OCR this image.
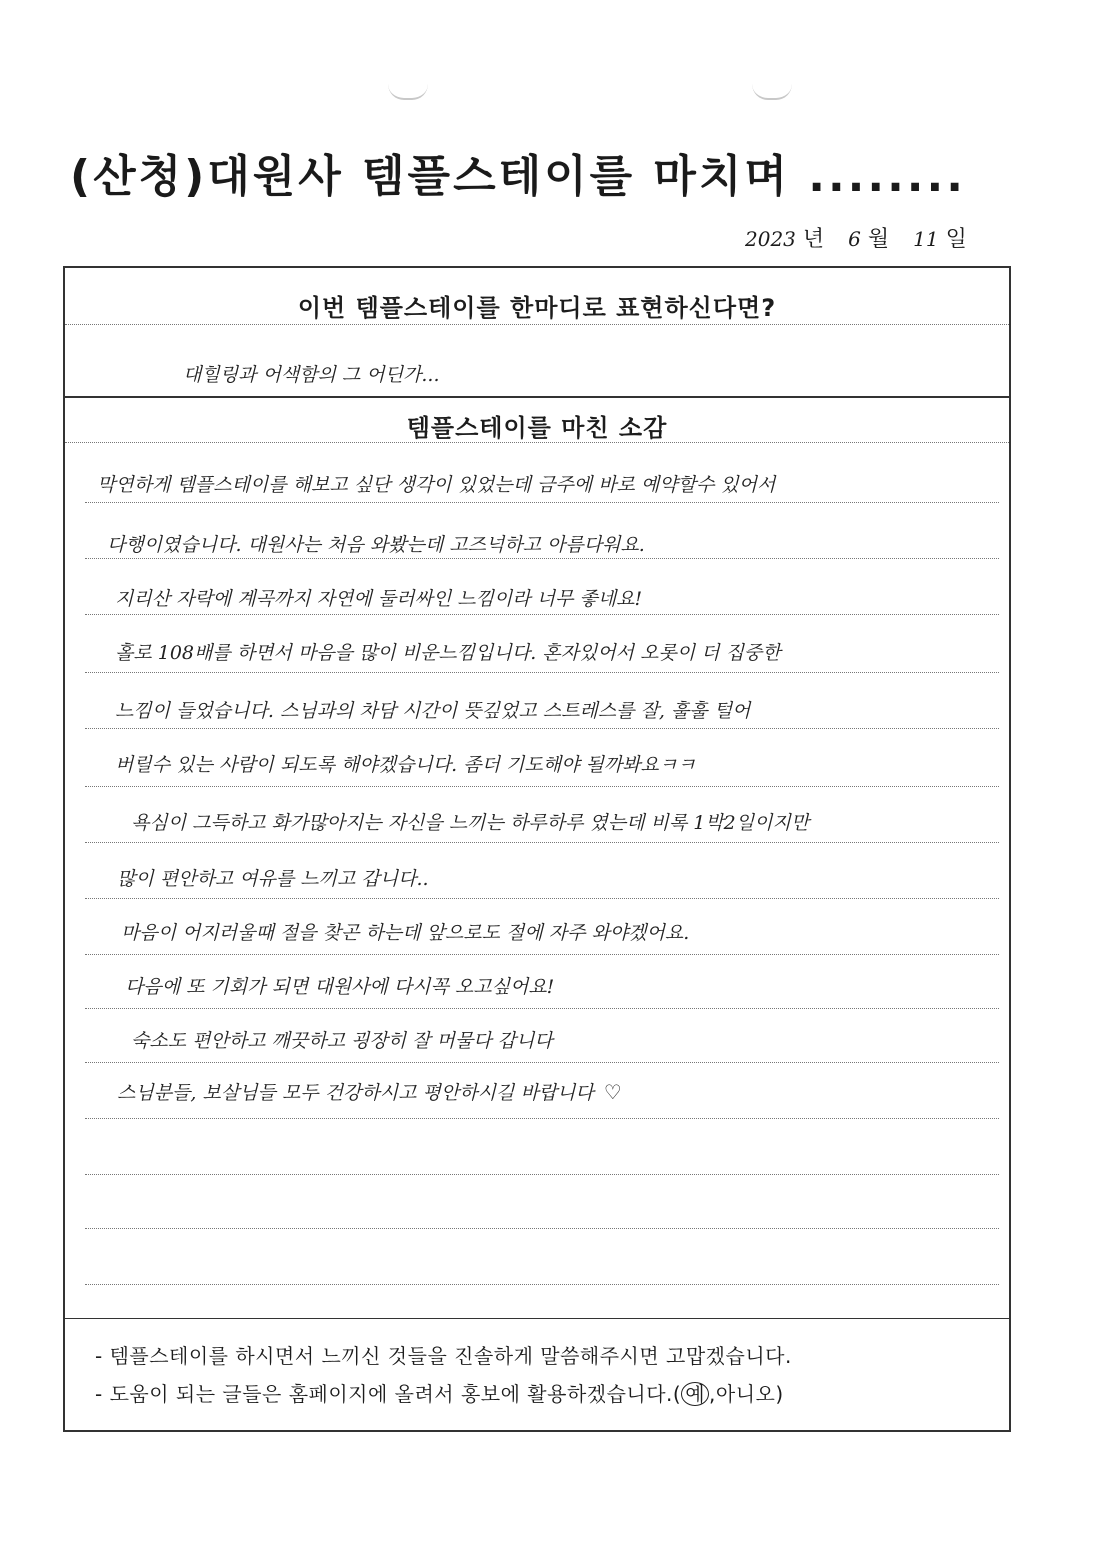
(산청)대원사 템플스테이를 마치며 ........
2023 년 6 월 11 일
이번 템플스테이를 한마디로 표현하신다면?
대힐링과 어색함의 그 어딘가...
템플스테이를 마친 소감
막연하게 템플스테이를 해보고 싶단 생각이 있었는데 금주에 바로 예약할수 있어서
다행이였습니다. 대원사는 처음 와봤는데 고즈넉하고 아름다워요.
지리산 자락에 계곡까지 자연에 둘러싸인 느낌이라 너무 좋네요!
홀로 108배를 하면서 마음을 많이 비운느낌입니다. 혼자있어서 오롯이 더 집중한
느낌이 들었습니다. 스님과의 차담 시간이 뜻깊었고 스트레스를 잘, 훌훌 털어
버릴수 있는 사람이 되도록 해야겠습니다. 좀더 기도해야 될까봐요ㅋㅋ
욕심이 그득하고 화가많아지는 자신을 느끼는 하루하루 였는데 비록 1박2일이지만
많이 편안하고 여유를 느끼고 갑니다..
마음이 어지러울때 절을 찾곤 하는데 앞으로도 절에 자주 와야겠어요.
다음에 또 기회가 되면 대원사에 다시꼭 오고싶어요!
숙소도 편안하고 깨끗하고 굉장히 잘 머물다 갑니다
스님분들, 보살님들 모두 건강하시고 평안하시길 바랍니다 ♡
- 템플스테이를 하시면서 느끼신 것들을 진솔하게 말씀해주시면 고맙겠습니다.
- 도움이 되는 글들은 홈페이지에 올려서 홍보에 활용하겠습니다.( 예 ,아니오)
